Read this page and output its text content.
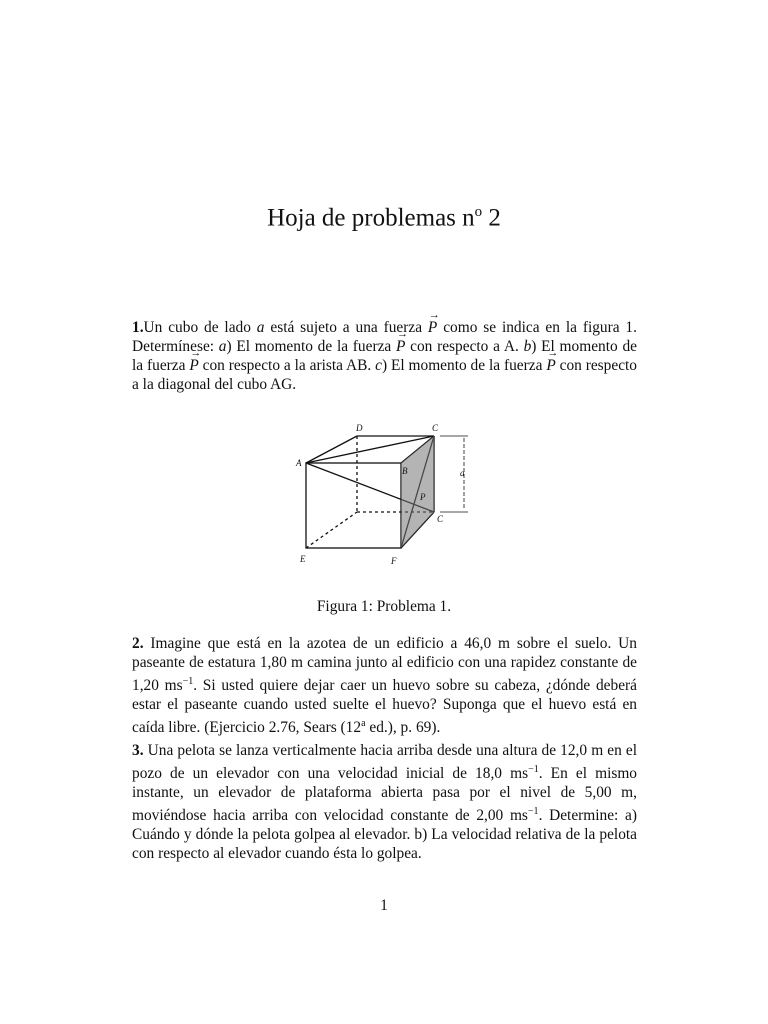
Hoja de problemas $n^o$ 2
1.Un cubo de lado a está sujeto a una fuerza → P como se indica en la figura 1. Determínese: a) El momento de la fuerza → P con respecto a A. b) El momento de la fuerza → P con respecto a la arista AB. c) El momento de la fuerza → P con respecto a la diagonal del cubo AG.
D	C
A
a
C
E	F
B
P
Figura 1: Problema 1.
2. Imagine que está en la azotea de un edificio a 46,0 m sobre el suelo. Un paseante de estatura 1,80 m camina junto al edificio con una rapidez constante de 1,20 $ms^{-1}$. Si usted quiere dejar caer un huevo sobre su cabeza, ¿dónde deberá estar el paseante cuando usted suelte el huevo? Suponga que el huevo está en caída libre. (Ejercicio 2.76, Sears (12$^a$ ed.), p. 69).
3. Una pelota se lanza verticalmente hacia arriba desde una altura de 12,0 m en el pozo de un elevador con una velocidad inicial de 18,0 $ms^{-1}$. En el mismo instante, un elevador de plataforma abierta pasa por el nivel de 5,00 m, moviéndose hacia arriba con velocidad constante de 2,00 $ms^{-1}$. Determine: a) Cuándo y dónde la pelota golpea al elevador. b) La velocidad relativa de la pelota con respecto al elevador cuando ésta lo golpea.
1
